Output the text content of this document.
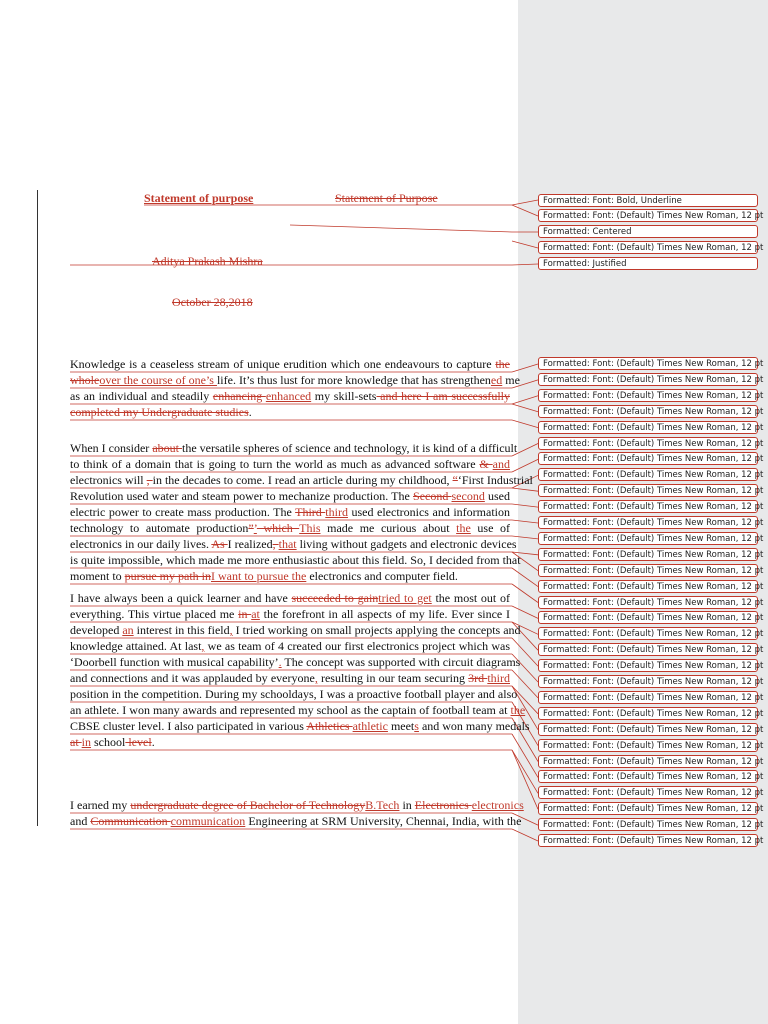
Statement of purpose	Statement of Purpose
Aditya Prakash Mishra
October 28,2018
Knowledge is a ceaseless stream of unique erudition which one endeavours to capture the
wholeover the course of one’s life. It’s thus lust for more knowledge that has strengthened me
as an individual and steadily enhancing enhanced my skill-sets and here I am successfully
completed my Undergraduate studies.
When I consider about the versatile spheres of science and technology, it is kind of a difficult
to think of a domain that is going to turn the world as much as advanced software & and
electronics will , in the decades to come. I read an article during my childhood, “‘First Industrial
Revolution used water and steam power to mechanize production. The Second second used
electric power to create mass production. The Third third used electronics and information
technology to automate production”’ which This made me curious about the use of
electronics in our daily lives. As I realized, that living without gadgets and electronic devices
is quite impossible, which made me more enthusiastic about this field. So, I decided from that
moment to pursue my path inI want to pursue the electronics and computer field.
I have always been a quick learner and have succeeded to gaintried to get the most out of
everything. This virtue placed me in at the forefront in all aspects of my life. Ever since I
developed an interest in this field, I tried working on small projects applying the concepts and
knowledge attained. At last, we as team of 4 created our first electronics project which was
‘Doorbell function with musical capability’. The concept was supported with circuit diagrams
and connections and it was applauded by everyone, resulting in our team securing 3rd third
position in the competition. During my schooldays, I was a proactive football player and also
an athlete. I won many awards and represented my school as the captain of football team at the
CBSE cluster level. I also participated in various Athletics athletic meets and won many medals
at in school level.
I earned my undergraduate degree of Bachelor of TechnologyB.Tech in Electronics electronics
and Communication communication Engineering at SRM University, Chennai, India, with the
Formatted: Font: Bold, Underline
Formatted: Font: (Default) Times New Roman, 12 pt
Formatted: Centered
Formatted: Font: (Default) Times New Roman, 12 pt
Formatted: Justified
Formatted: Font: (Default) Times New Roman, 12 pt
Formatted: Font: (Default) Times New Roman, 12 pt
Formatted: Font: (Default) Times New Roman, 12 pt
Formatted: Font: (Default) Times New Roman, 12 pt
Formatted: Font: (Default) Times New Roman, 12 pt
Formatted: Font: (Default) Times New Roman, 12 pt
Formatted: Font: (Default) Times New Roman, 12 pt
Formatted: Font: (Default) Times New Roman, 12 pt
Formatted: Font: (Default) Times New Roman, 12 pt
Formatted: Font: (Default) Times New Roman, 12 pt
Formatted: Font: (Default) Times New Roman, 12 pt
Formatted: Font: (Default) Times New Roman, 12 pt
Formatted: Font: (Default) Times New Roman, 12 pt
Formatted: Font: (Default) Times New Roman, 12 pt
Formatted: Font: (Default) Times New Roman, 12 pt
Formatted: Font: (Default) Times New Roman, 12 pt
Formatted: Font: (Default) Times New Roman, 12 pt
Formatted: Font: (Default) Times New Roman, 12 pt
Formatted: Font: (Default) Times New Roman, 12 pt
Formatted: Font: (Default) Times New Roman, 12 pt
Formatted: Font: (Default) Times New Roman, 12 pt
Formatted: Font: (Default) Times New Roman, 12 pt
Formatted: Font: (Default) Times New Roman, 12 pt
Formatted: Font: (Default) Times New Roman, 12 pt
Formatted: Font: (Default) Times New Roman, 12 pt
Formatted: Font: (Default) Times New Roman, 12 pt
Formatted: Font: (Default) Times New Roman, 12 pt
Formatted: Font: (Default) Times New Roman, 12 pt
Formatted: Font: (Default) Times New Roman, 12 pt
Formatted: Font: (Default) Times New Roman, 12 pt
Formatted: Font: (Default) Times New Roman, 12 pt
